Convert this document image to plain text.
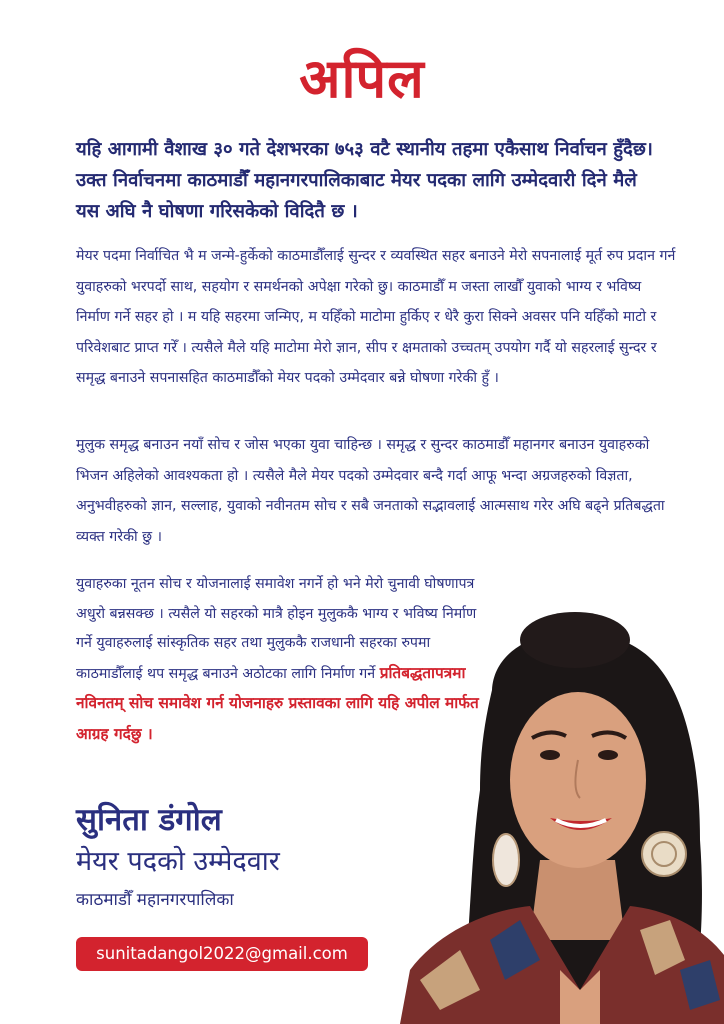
अपिल
यहि आगामी वैशाख ३० गते देशभरका ७५३ वटै स्थानीय तहमा एकैसाथ निर्वाचन हुँदैछ। उक्त निर्वाचनमा काठमाडौँ महानगरपालिकाबाट मेयर पदका लागि उम्मेदवारी दिने मैले यस अघि नै घोषणा गरिसकेको विदितै छ ।
मेयर पदमा निर्वाचित भै म जन्मे-हुर्केको काठमाडौँलाई सुन्दर र व्यवस्थित सहर बनाउने मेरो सपनालाई मूर्त रुप प्रदान गर्न युवाहरुको भरपर्दो साथ, सहयोग र समर्थनको अपेक्षा गरेको छु। काठमाडौँ म जस्ता लाखौँ युवाको भाग्य र भविष्य निर्माण गर्ने सहर हो । म यहि सहरमा जन्मिए, म यहिँको माटोमा हुर्किए र धेरै कुरा सिक्ने अवसर पनि यहिँको माटो र परिवेशबाट प्राप्त गरेँ । त्यसैले मैले यहि माटोमा मेरो ज्ञान, सीप र क्षमताको उच्चतम् उपयोग गर्दै यो सहरलाई सुन्दर र समृद्ध बनाउने सपनासहित काठमाडौँको मेयर पदको उम्मेदवार बन्ने घोषणा गरेकी हुँ ।
मुलुक समृद्ध बनाउन नयाँ सोच र जोस भएका युवा चाहिन्छ । समृद्ध र सुन्दर काठमाडौँ महानगर बनाउन युवाहरुको भिजन अहिलेको आवश्यकता हो । त्यसैले मैले मेयर पदको उम्मेदवार बन्दै गर्दा आफू भन्दा अग्रजहरुको विज्ञता, अनुभवीहरुको ज्ञान, सल्लाह, युवाको नवीनतम सोच र सबै जनताको सद्भावलाई आत्मसाथ गरेर अघि बढ्ने प्रतिबद्धता व्यक्त गरेकी छु ।
युवाहरुका नूतन सोच र योजनालाई समावेश नगर्ने हो भने मेरो चुनावी घोषणापत्र अधुरो बन्नसक्छ । त्यसैले यो सहरको मात्रै होइन मुलुककै भाग्य र भविष्य निर्माण गर्ने युवाहरुलाई सांस्कृतिक सहर तथा मुलुककै राजधानी सहरका रुपमा काठमाडौँलाई थप समृद्ध बनाउने अठोटका लागि निर्माण गर्ने प्रतिबद्धतापत्रमा नविनतम् सोच समावेश गर्न योजनाहरु प्रस्तावका लागि यहि अपील मार्फत आग्रह गर्दछु ।
सुनिता डंगोल
मेयर पदको उम्मेदवार
काठमाडौँ महानगरपालिका
sunitadangol2022@gmail.com
